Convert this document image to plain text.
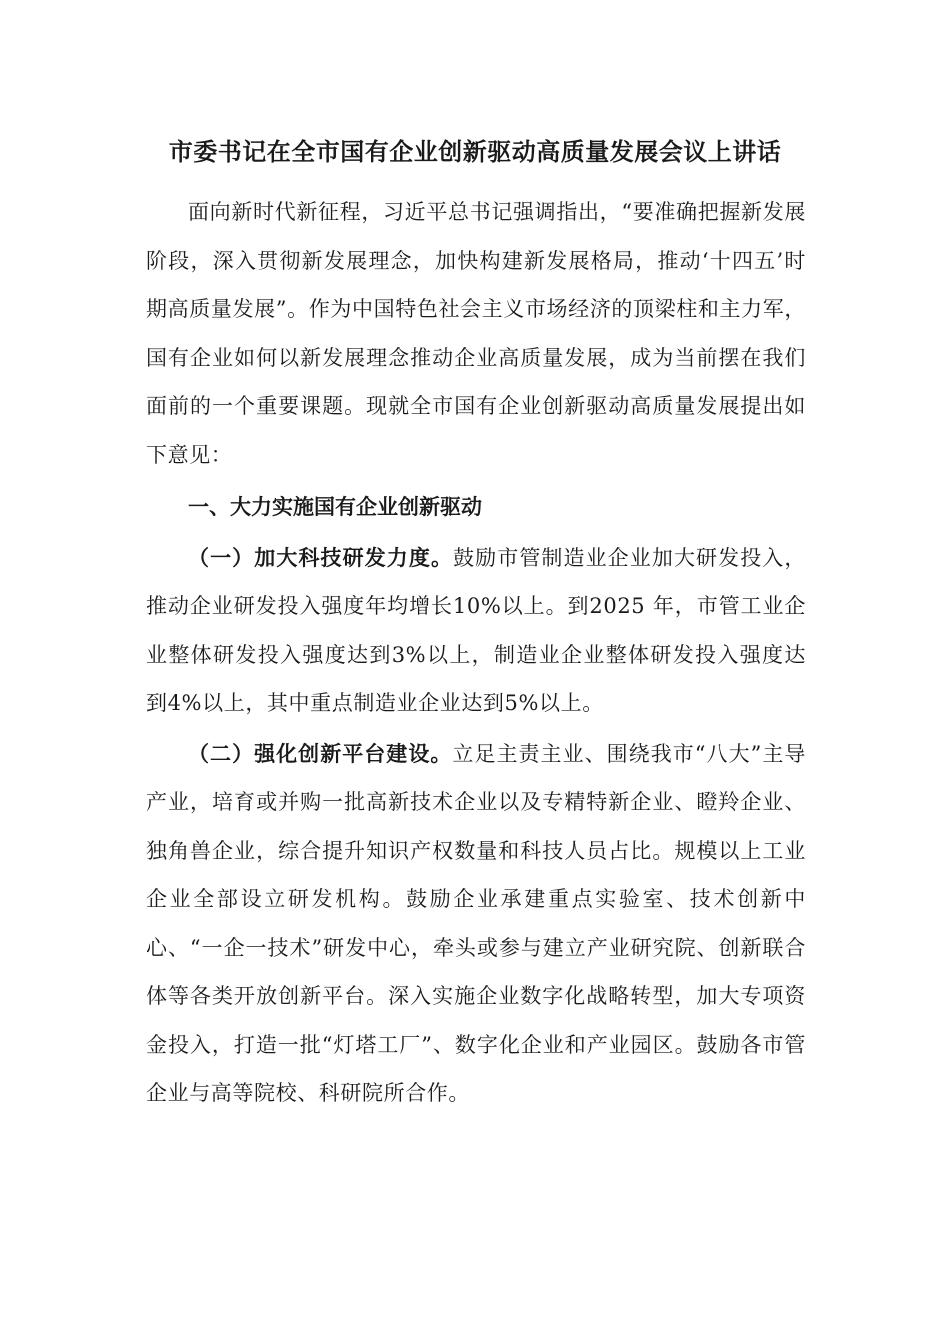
市委书记在全市国有企业创新驱动高质量发展会议上讲话

面向新时代新征程，习近平总书记强调指出，“要准确把握新发展阶段，深入贯彻新发展理念，加快构建新发展格局，推动‘十四五’时期高质量发展”。作为中国特色社会主义市场经济的顶梁柱和主力军，国有企业如何以新发展理念推动企业高质量发展，成为当前摆在我们面前的一个重要课题。现就全市国有企业创新驱动高质量发展提出如下意见：

一、大力实施国有企业创新驱动

（一）加大科技研发力度。鼓励市管制造业企业加大研发投入，推动企业研发投入强度年均增长10%以上。到2025 年，市管工业企业整体研发投入强度达到3%以上，制造业企业整体研发投入强度达到4%以上，其中重点制造业企业达到5%以上。

（二）强化创新平台建设。立足主责主业、围绕我市“八大”主导产业，培育或并购一批高新技术企业以及专精特新企业、瞪羚企业、独角兽企业，综合提升知识产权数量和科技人员占比。规模以上工业企业全部设立研发机构。鼓励企业承建重点实验室、技术创新中心、“一企一技术”研发中心，牵头或参与建立产业研究院、创新联合体等各类开放创新平台。深入实施企业数字化战略转型，加大专项资金投入，打造一批“灯塔工厂”、数字化企业和产业园区。鼓励各市管企业与高等院校、科研院所合作。
